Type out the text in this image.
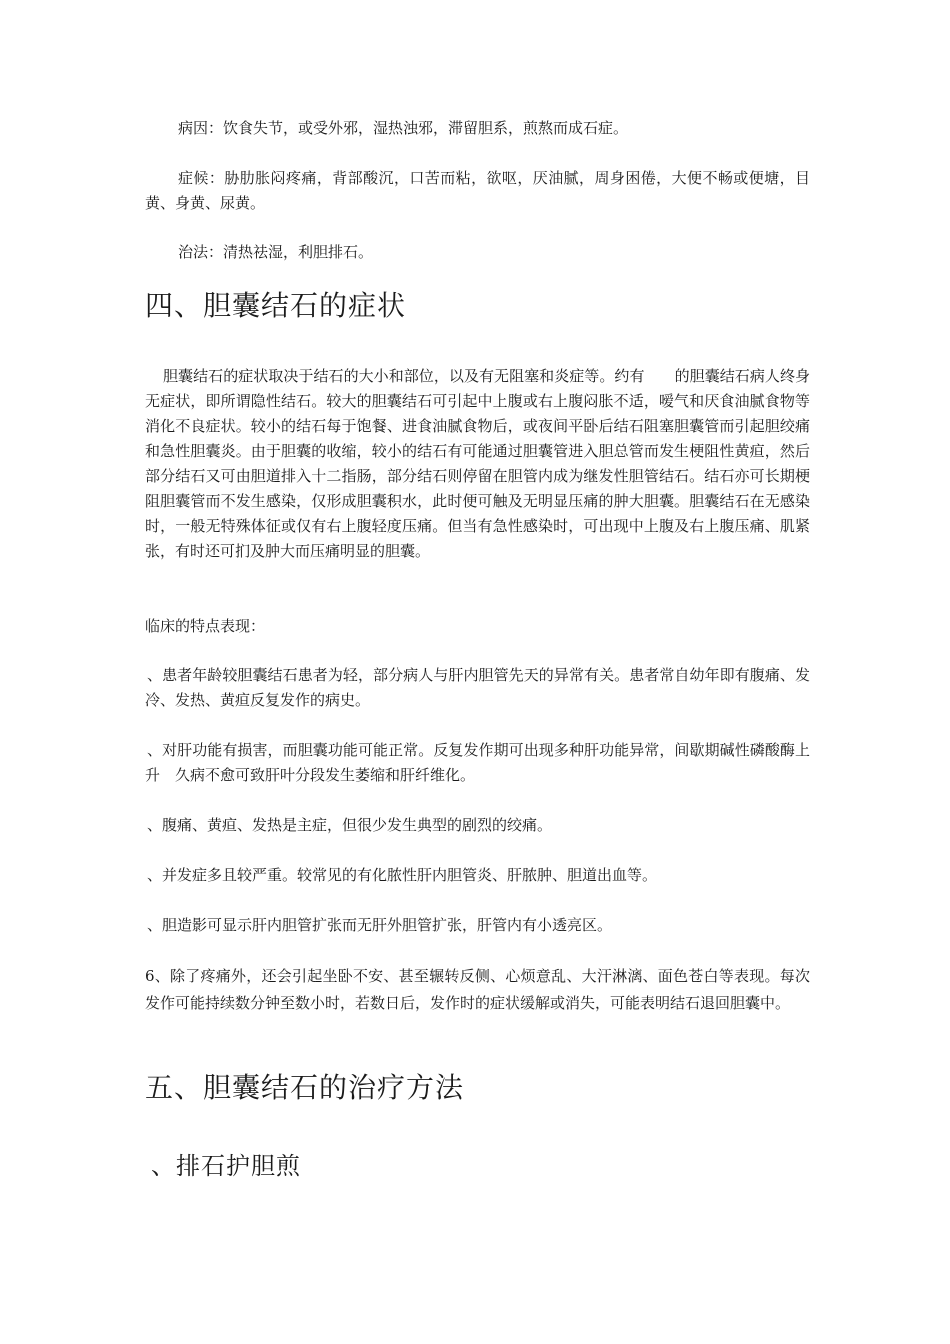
病因：饮食失节，或受外邪，湿热浊邪，滞留胆系，煎熬而成石症。

症候：胁肋胀闷疼痛，背部酸沉，口苦而粘，欲呕，厌油腻，周身困倦，大便不畅或便塘，目黄、身黄、尿黄。

治法：清热祛湿，利胆排石。

四、胆囊结石的症状

胆囊结石的症状取决于结石的大小和部位，以及有无阻塞和炎症等。约有　　的胆囊结石病人终身无症状，即所谓隐性结石。较大的胆囊结石可引起中上腹或右上腹闷胀不适，嗳气和厌食油腻食物等消化不良症状。较小的结石每于饱餐、进食油腻食物后，或夜间平卧后结石阻塞胆囊管而引起胆绞痛和急性胆囊炎。由于胆囊的收缩，较小的结石有可能通过胆囊管进入胆总管而发生梗阻性黄疸，然后部分结石又可由胆道排入十二指肠，部分结石则停留在胆管内成为继发性胆管结石。结石亦可长期梗阻胆囊管而不发生感染，仅形成胆囊积水，此时便可触及无明显压痛的肿大胆囊。胆囊结石在无感染时，一般无特殊体征或仅有右上腹轻度压痛。但当有急性感染时，可出现中上腹及右上腹压痛、肌紧张，有时还可扪及肿大而压痛明显的胆囊。

临床的特点表现：

、患者年龄较胆囊结石患者为轻，部分病人与肝内胆管先天的异常有关。患者常自幼年即有腹痛、发冷、发热、黄疸反复发作的病史。

、对肝功能有损害，而胆囊功能可能正常。反复发作期可出现多种肝功能异常，间歇期碱性磷酸酶上升　久病不愈可致肝叶分段发生萎缩和肝纤维化。

、腹痛、黄疸、发热是主症，但很少发生典型的剧烈的绞痛。

、并发症多且较严重。较常见的有化脓性肝内胆管炎、肝脓肿、胆道出血等。

、胆造影可显示肝内胆管扩张而无肝外胆管扩张，肝管内有小透亮区。

6、除了疼痛外，还会引起坐卧不安、甚至辗转反侧、心烦意乱、大汗淋漓、面色苍白等表现。每次发作可能持续数分钟至数小时，若数日后，发作时的症状缓解或消失，可能表明结石退回胆囊中。

五、胆囊结石的治疗方法
、排石护胆煎
